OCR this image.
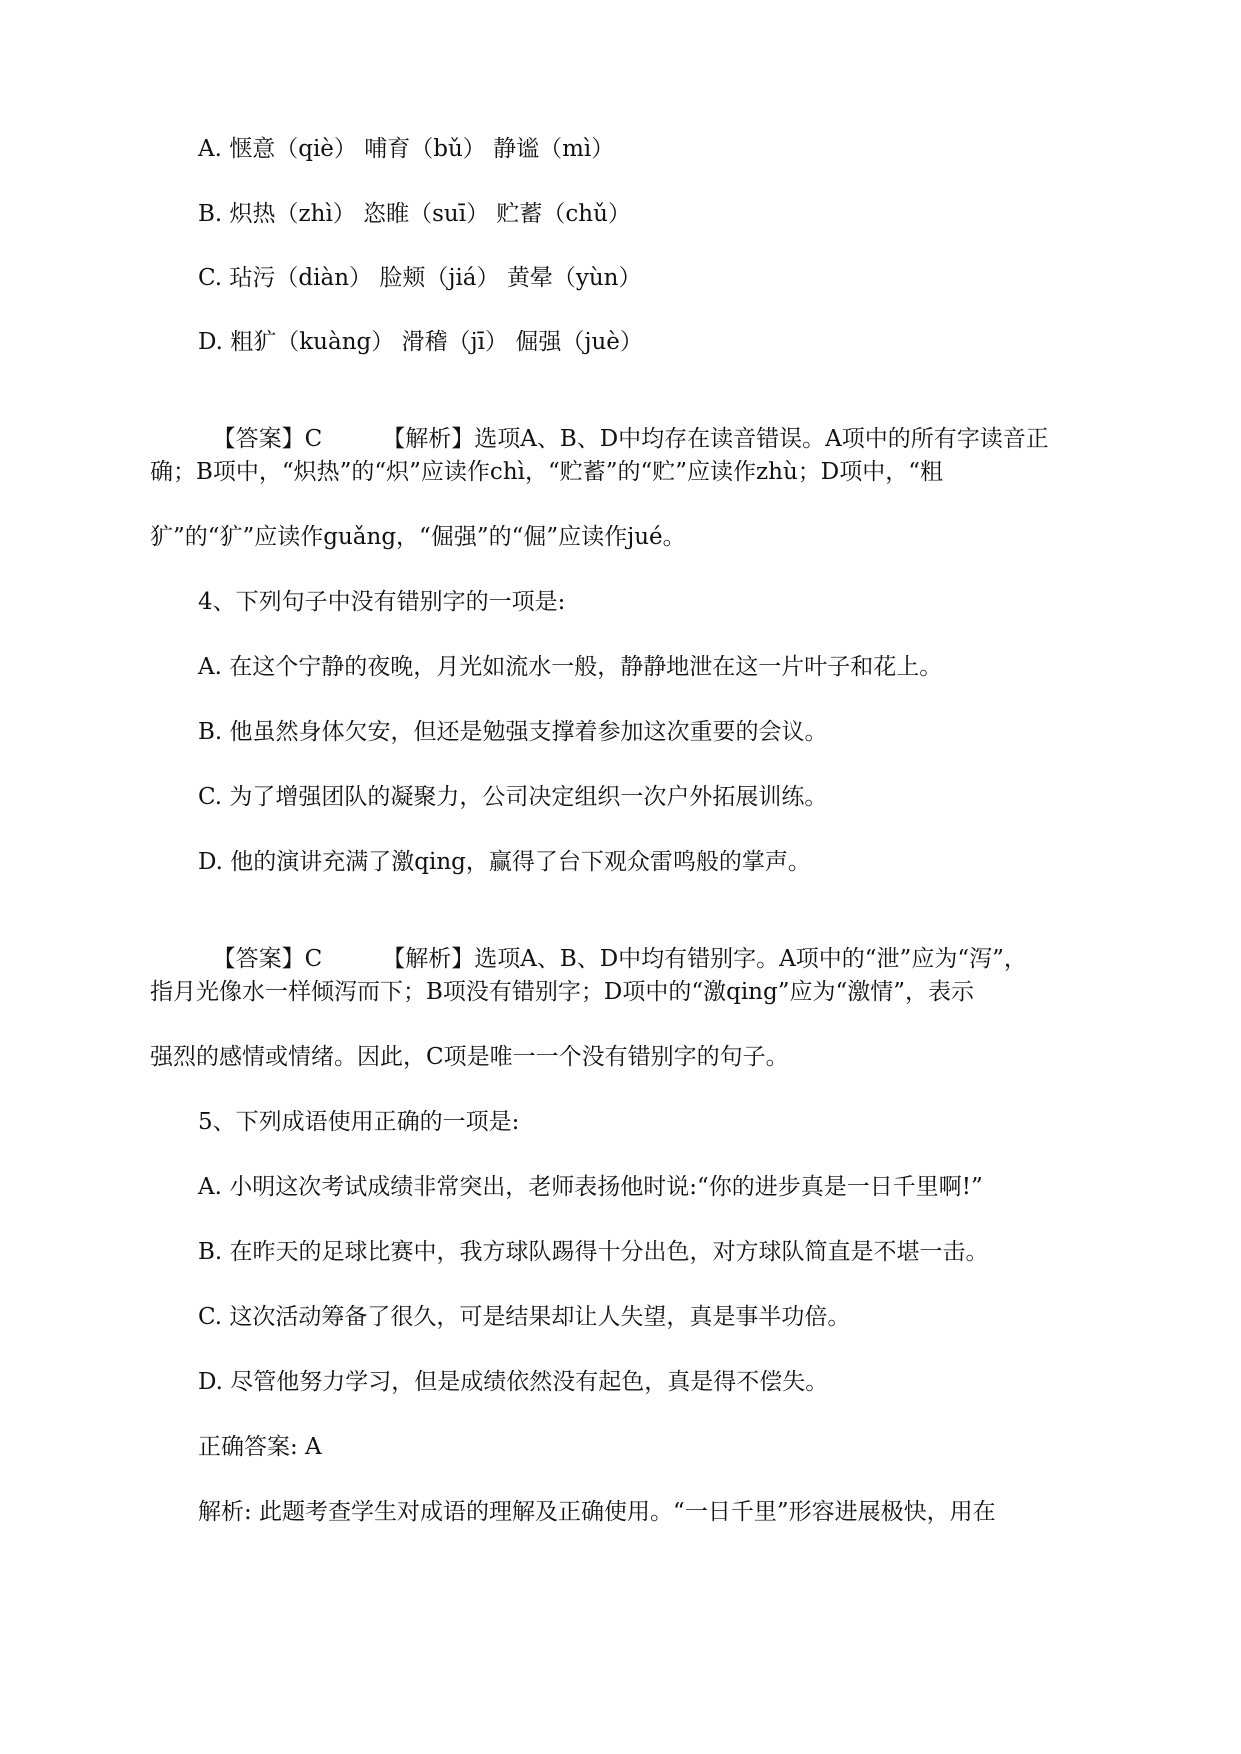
A. 惬意（qiè） 哺育（bǔ） 静谧（mì）
B. 炽热（zhì） 恣睢（suī） 贮蓄（chǔ）
C. 玷污（diàn） 脸颊（jiá） 黄晕（yùn）
D. 粗犷（kuàng） 滑稽（jī） 倔强（juè）

【答案】C	【解析】选项A、B、D中均存在读音错误。A项中的所有字读音正

确；B项中，“炽热”的“炽”应读作chì，“贮蓄”的“贮”应读作zhù；D项中，“粗
犷”的“犷”应读作guǎng，“倔强”的“倔”应读作jué。
4、下列句子中没有错别字的一项是:
A. 在这个宁静的夜晚，月光如流水一般，静静地泄在这一片叶子和花上。
B. 他虽然身体欠安，但还是勉强支撑着参加这次重要的会议。
C. 为了增强团队的凝聚力，公司决定组织一次户外拓展训练。
D. 他的演讲充满了激qing，赢得了台下观众雷鸣般的掌声。

【答案】C	【解析】选项A、B、D中均有错别字。A项中的“泄”应为“泻”，

指月光像水一样倾泻而下；B项没有错别字；D项中的“激qing”应为“激情”，表示
强烈的感情或情绪。因此，C项是唯一一个没有错别字的句子。
5、下列成语使用正确的一项是:
A. 小明这次考试成绩非常突出，老师表扬他时说:“你的进步真是一日千里啊!”
B. 在昨天的足球比赛中，我方球队踢得十分出色，对方球队简直是不堪一击。
C. 这次活动筹备了很久，可是结果却让人失望，真是事半功倍。
D. 尽管他努力学习，但是成绩依然没有起色，真是得不偿失。
正确答案: A
解析: 此题考查学生对成语的理解及正确使用。“一日千里”形容进展极快，用在
